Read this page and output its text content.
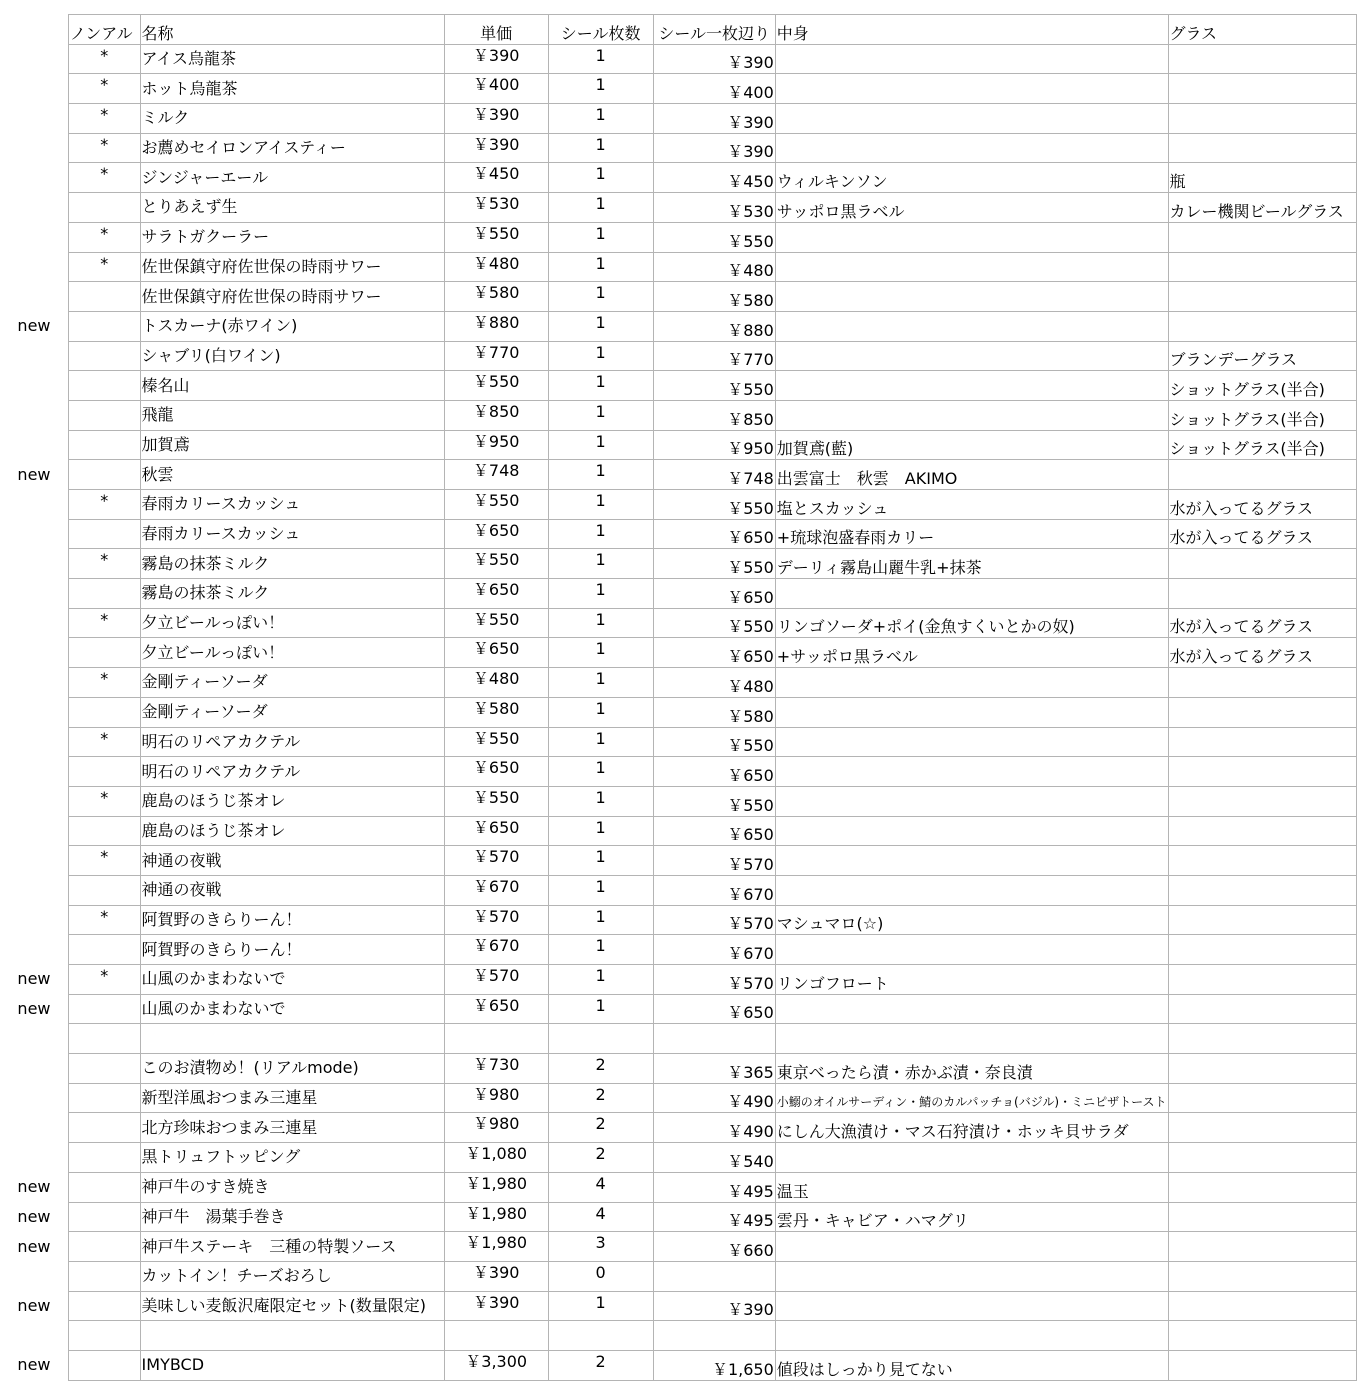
	ノンアル	名称	単価	シール枚数	シール一枚辺り	中身	グラス
	*	アイス烏龍茶	￥390	1	￥390		
	*	ホット烏龍茶	￥400	1	￥400		
	*	ミルク	￥390	1	￥390		
	*	お薦めセイロンアイスティー	￥390	1	￥390		
	*	ジンジャーエール	￥450	1	￥450	ウィルキンソン	瓶
		とりあえず生	￥530	1	￥530	サッポロ黒ラベル	カレー機関ビールグラス
	*	サラトガクーラー	￥550	1	￥550		
	*	佐世保鎮守府佐世保の時雨サワー	￥480	1	￥480		
		佐世保鎮守府佐世保の時雨サワー	￥580	1	￥580		
new		トスカーナ(赤ワイン)	￥880	1	￥880		
		シャブリ(白ワイン)	￥770	1	￥770		ブランデーグラス
		榛名山	￥550	1	￥550		ショットグラス(半合)
		飛龍	￥850	1	￥850		ショットグラス(半合)
		加賀鳶	￥950	1	￥950	加賀鳶(藍)	ショットグラス(半合)
new		秋雲	￥748	1	￥748	出雲富士　秋雲　AKIMO	
	*	春雨カリースカッシュ	￥550	1	￥550	塩とスカッシュ	水が入ってるグラス
		春雨カリースカッシュ	￥650	1	￥650	+琉球泡盛春雨カリー	水が入ってるグラス
	*	霧島の抹茶ミルク	￥550	1	￥550	デーリィ霧島山麗牛乳+抹茶	
		霧島の抹茶ミルク	￥650	1	￥650		
	*	夕立ビールっぽい！	￥550	1	￥550	リンゴソーダ+ポイ(金魚すくいとかの奴)	水が入ってるグラス
		夕立ビールっぽい！	￥650	1	￥650	+サッポロ黒ラベル	水が入ってるグラス
	*	金剛ティーソーダ	￥480	1	￥480		
		金剛ティーソーダ	￥580	1	￥580		
	*	明石のリペアカクテル	￥550	1	￥550		
		明石のリペアカクテル	￥650	1	￥650		
	*	鹿島のほうじ茶オレ	￥550	1	￥550		
		鹿島のほうじ茶オレ	￥650	1	￥650		
	*	神通の夜戦	￥570	1	￥570		
		神通の夜戦	￥670	1	￥670		
	*	阿賀野のきらりーん！	￥570	1	￥570	マシュマロ(☆)	
		阿賀野のきらりーん！	￥670	1	￥670		
new	*	山風のかまわないで	￥570	1	￥570	リンゴフロート	
new		山風のかまわないで	￥650	1	￥650		

		このお漬物め！(リアルmode)	￥730	2	￥365	東京べったら漬・赤かぶ漬・奈良漬	
		新型洋風おつまみ三連星	￥980	2	￥490	小鰯のオイルサーディン・鯖のカルパッチョ(バジル)・ミニピザトースト	
		北方珍味おつまみ三連星	￥980	2	￥490	にしん大漁漬け・マス石狩漬け・ホッキ貝サラダ	
		黒トリュフトッピング	￥1,080	2	￥540		
new		神戸牛のすき焼き	￥1,980	4	￥495	温玉	
new		神戸牛　湯葉手巻き	￥1,980	4	￥495	雲丹・キャビア・ハマグリ	
new		神戸牛ステーキ　三種の特製ソース	￥1,980	3	￥660		
		カットイン！チーズおろし	￥390	0			
new		美味しい麦飯沢庵限定セット(数量限定)	￥390	1	￥390		

new		IMYBCD	￥3,300	2	￥1,650	値段はしっかり見てない	
